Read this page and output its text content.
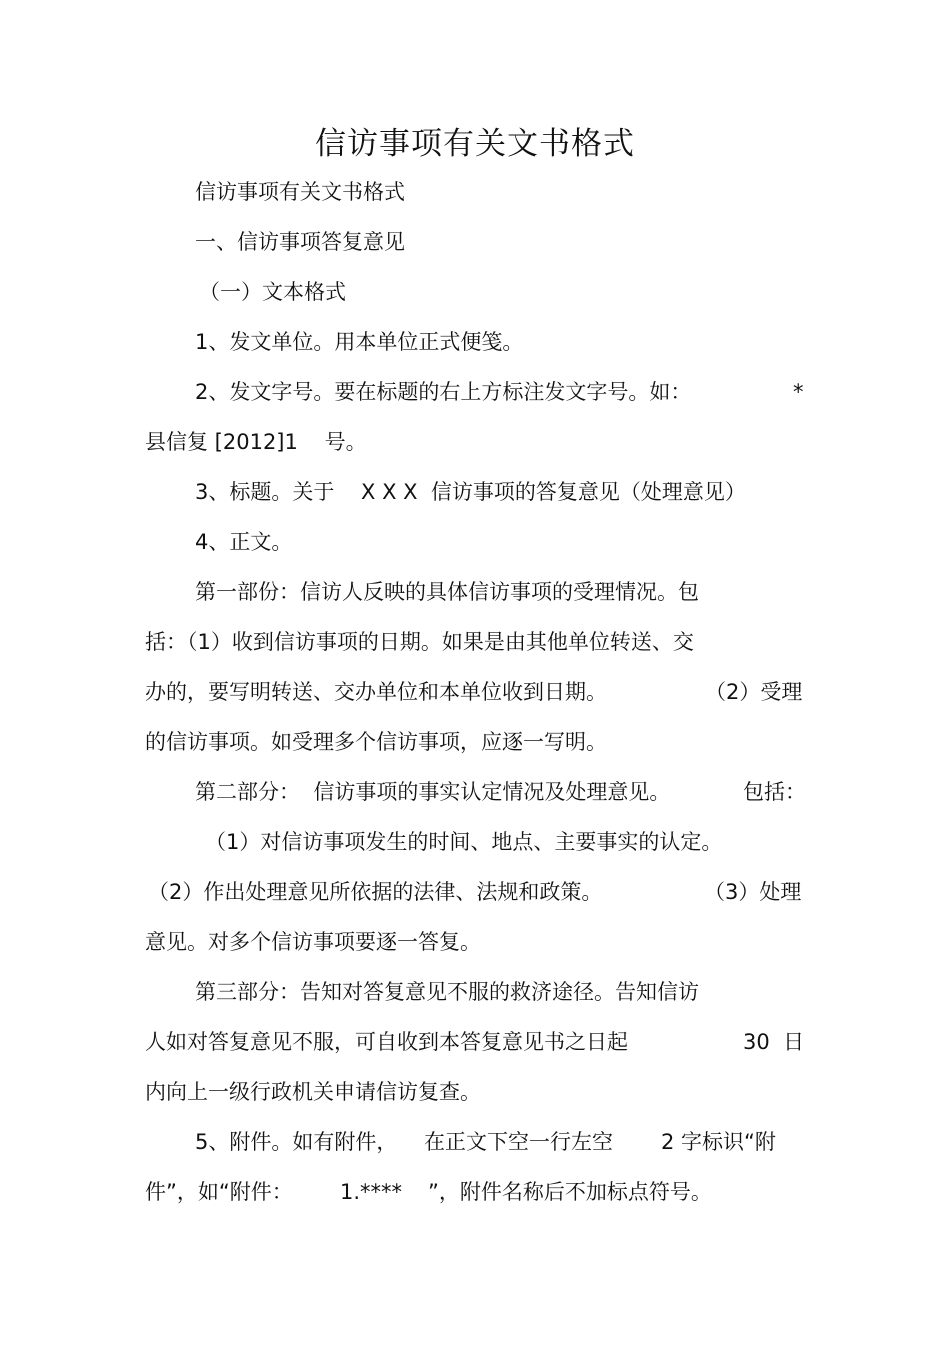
信访事项有关文书格式
信访事项有关文书格式
一、信访事项答复意见
（一）文本格式
1、发文单位。用本单位正式便笺。
2、发文字号。要在标题的右上方标注发文字号。如：	*
县信复 [2012]1    号。
3、标题。关于    X X X  信访事项的答复意见（处理意见）
4、正文。
第一部份：信访人反映的具体信访事项的受理情况。包
括：（1）收到信访事项的日期。如果是由其他单位转送、交
办的，要写明转送、交办单位和本单位收到日期。	（2）受理
的信访事项。如受理多个信访事项，应逐一写明。
第二部分：  信访事项的事实认定情况及处理意见。	包括：
（1）对信访事项发生的时间、地点、主要事实的认定。
（2）作出处理意见所依据的法律、法规和政策。	（3）处理
意见。对多个信访事项要逐一答复。
第三部分：告知对答复意见不服的救济途径。告知信访
人如对答复意见不服，可自收到本答复意见书之日起	30  日
内向上一级行政机关申请信访复查。
5、附件。如有附件， 在正文下空一行左空 2 字标识“附
件”，如“附件： 1.**** ”，附件名称后不加标点符号。
